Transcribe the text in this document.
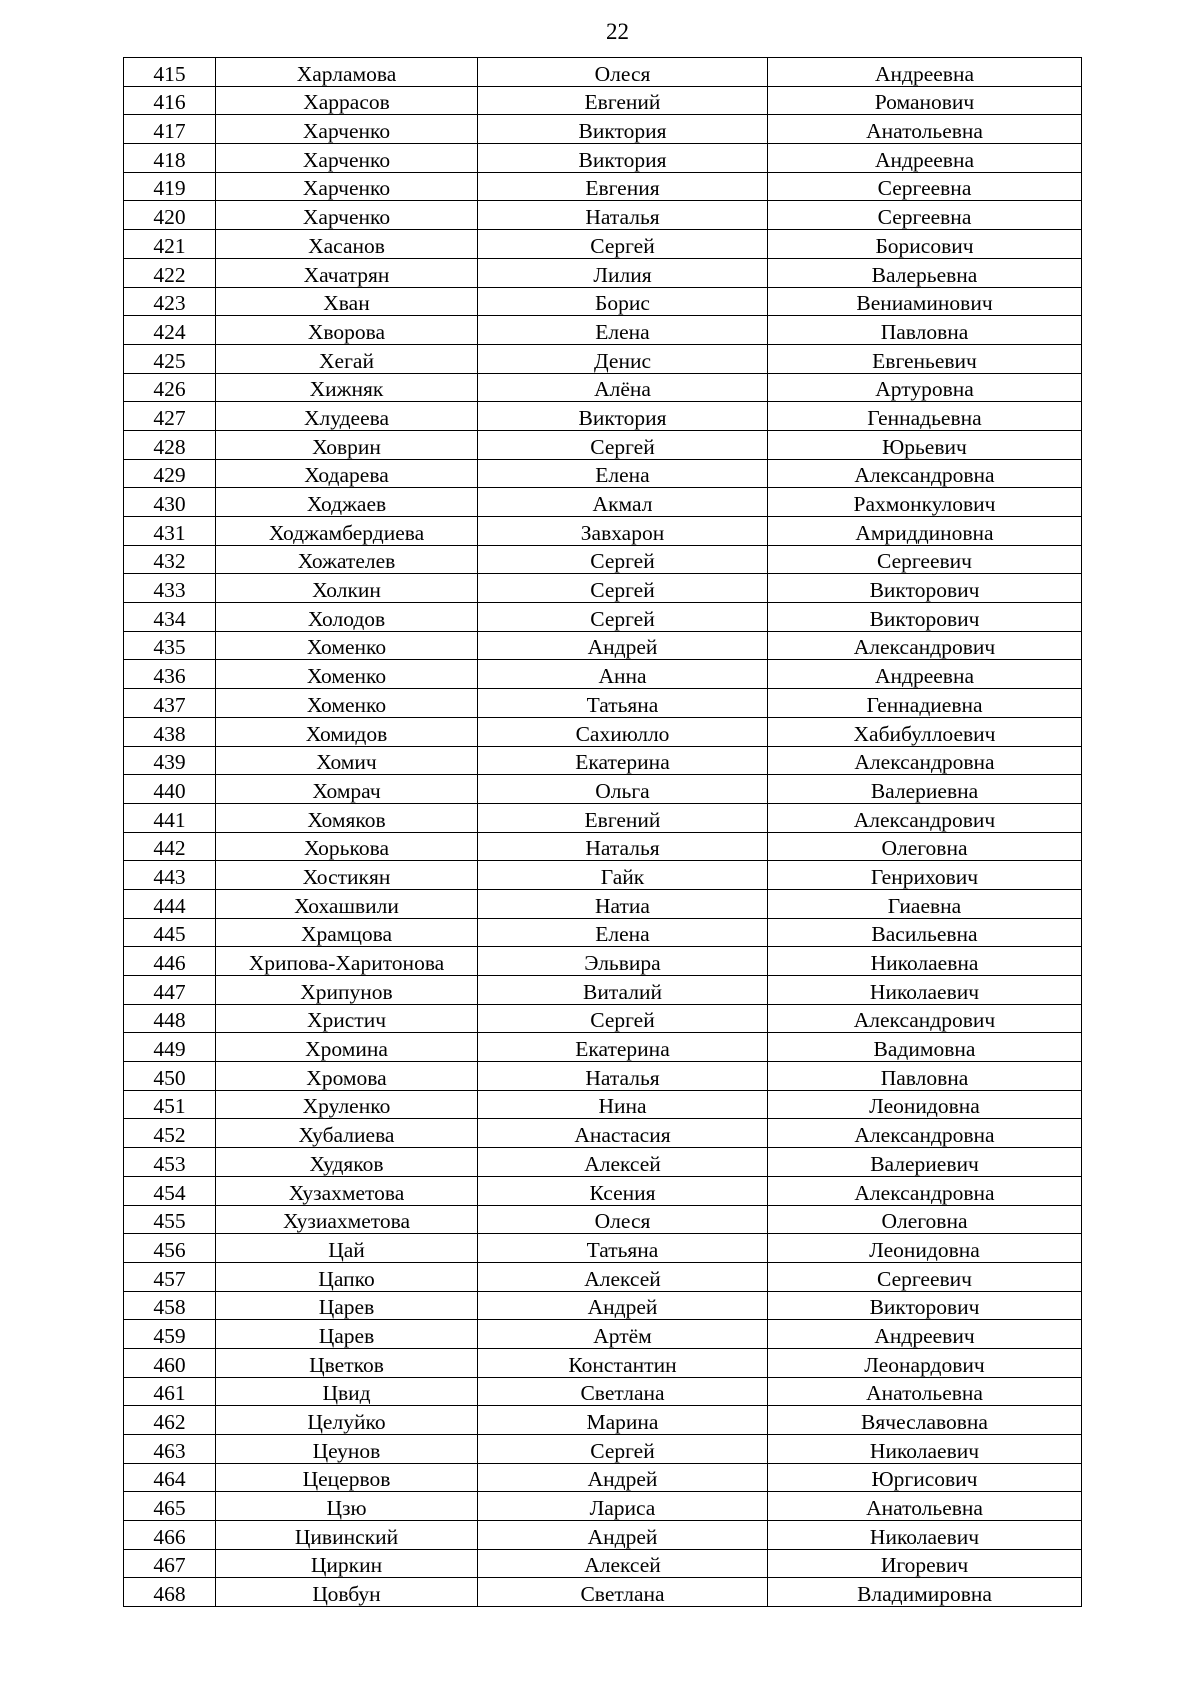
22
415	Харламова	Олеся	Андреевна
416	Харрасов	Евгений	Романович
417	Харченко	Виктория	Анатольевна
418	Харченко	Виктория	Андреевна
419	Харченко	Евгения	Сергеевна
420	Харченко	Наталья	Сергеевна
421	Хасанов	Сергей	Борисович
422	Хачатрян	Лилия	Валерьевна
423	Хван	Борис	Вениаминович
424	Хворова	Елена	Павловна
425	Хегай	Денис	Евгеньевич
426	Хижняк	Алёна	Артуровна
427	Хлудеева	Виктория	Геннадьевна
428	Ховрин	Сергей	Юрьевич
429	Ходарева	Елена	Александровна
430	Ходжаев	Акмал	Рахмонкулович
431	Ходжамбердиева	Завхарон	Амриддиновна
432	Хожателев	Сергей	Сергеевич
433	Холкин	Сергей	Викторович
434	Холодов	Сергей	Викторович
435	Хоменко	Андрей	Александрович
436	Хоменко	Анна	Андреевна
437	Хоменко	Татьяна	Геннадиевна
438	Хомидов	Сахиюлло	Хабибуллоевич
439	Хомич	Екатерина	Александровна
440	Хомрач	Ольга	Валериевна
441	Хомяков	Евгений	Александрович
442	Хорькова	Наталья	Олеговна
443	Хостикян	Гайк	Генрихович
444	Хохашвили	Натиа	Гиаевна
445	Храмцова	Елена	Васильевна
446	Хрипова-Харитонова	Эльвира	Николаевна
447	Хрипунов	Виталий	Николаевич
448	Христич	Сергей	Александрович
449	Хромина	Екатерина	Вадимовна
450	Хромова	Наталья	Павловна
451	Хруленко	Нина	Леонидовна
452	Хубалиева	Анастасия	Александровна
453	Худяков	Алексей	Валериевич
454	Хузахметова	Ксения	Александровна
455	Хузиахметова	Олеся	Олеговна
456	Цай	Татьяна	Леонидовна
457	Цапко	Алексей	Сергеевич
458	Царев	Андрей	Викторович
459	Царев	Артём	Андреевич
460	Цветков	Константин	Леонардович
461	Цвид	Светлана	Анатольевна
462	Целуйко	Марина	Вячеславовна
463	Цеунов	Сергей	Николаевич
464	Цецервов	Андрей	Юргисович
465	Цзю	Лариса	Анатольевна
466	Цивинский	Андрей	Николаевич
467	Циркин	Алексей	Игоревич
468	Цовбун	Светлана	Владимировна
